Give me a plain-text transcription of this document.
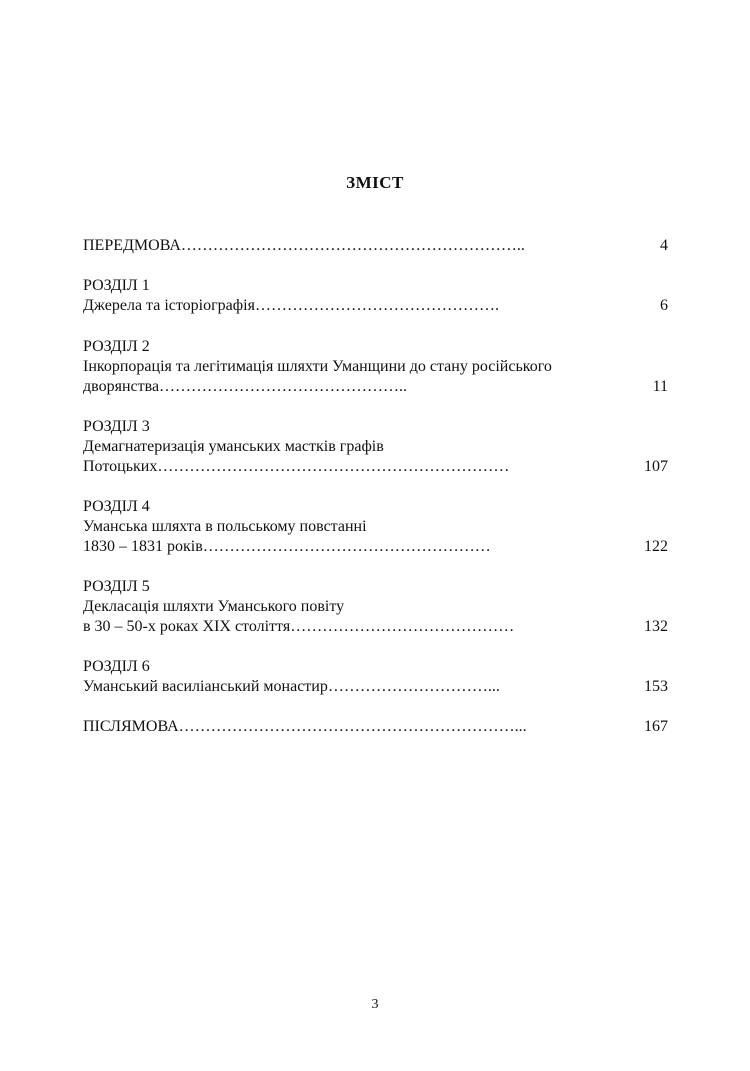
ЗМІСТ
ПЕРЕДМОВА………………………………………………………..	4
РОЗДІЛ 1
Джерела та історіографія……………………………………….	6
РОЗДІЛ 2
Інкорпорація та легітимація шляхти Уманщини до стану російського
дворянства………………………………………..	11
РОЗДІЛ 3
Демагнатеризація уманських мастків графів
Потоцьких…………………………………………………………	107
РОЗДІЛ 4
Уманська шляхта в польському повстанні
1830 – 1831 років………………………………………………	122
РОЗДІЛ 5
Декласація шляхти Уманського повіту
в 30 – 50-х роках ХІХ століття……………………………………	132
РОЗДІЛ 6
Уманський василіанський монастир…………………………...	153
ПІСЛЯМОВА………………………………………………………...	167
3
